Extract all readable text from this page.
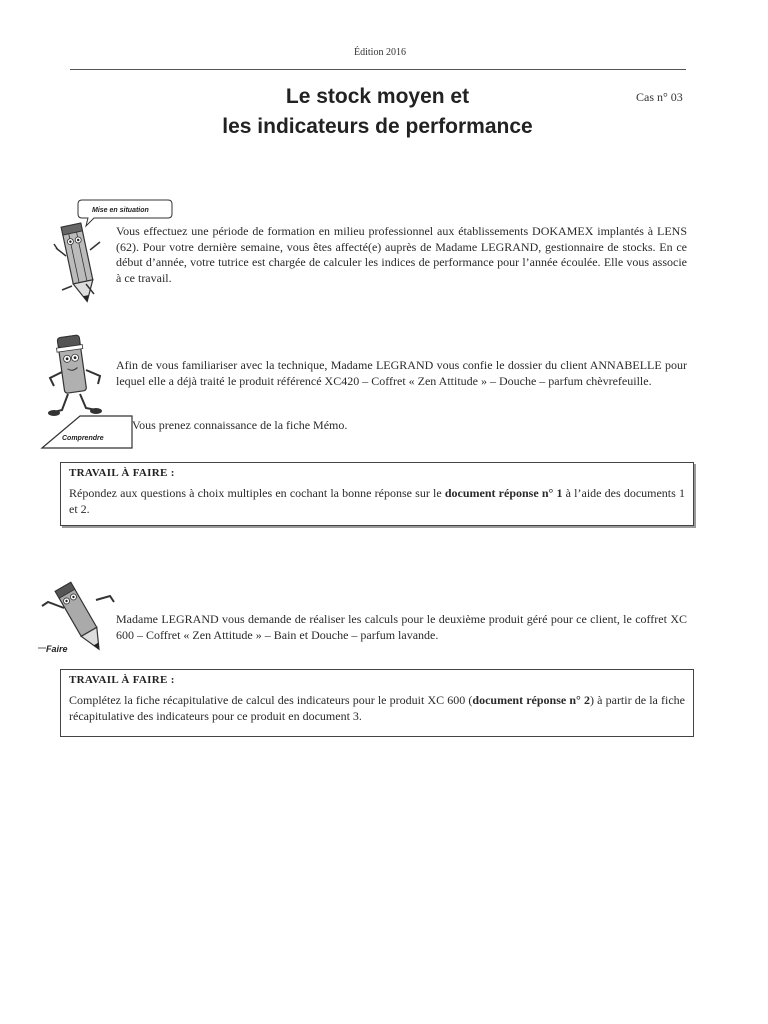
Édition 2016
Le stock moyen et
les indicateurs de performance
Cas n° 03
Mise en situation
Vous effectuez une période de formation en milieu professionnel aux établissements DOKAMEX implantés à LENS (62). Pour votre dernière semaine, vous êtes affecté(e) auprès de Madame LEGRAND, gestionnaire de stocks. En ce début d’année, votre tutrice est chargée de calculer les indices de performance pour l’année écoulée. Elle vous associe à ce travail.
Comprendre
Afin de vous familiariser avec la technique, Madame LEGRAND vous confie le dossier du client ANNABELLE pour lequel elle a déjà traité le produit référencé XC420 – Coffret « Zen Attitude » – Douche – parfum chèvrefeuille.
Vous prenez connaissance de la fiche Mémo.
TRAVAIL À FAIRE :
Répondez aux questions à choix multiples en cochant la bonne réponse sur le document réponse n° 1 à l’aide des documents 1 et 2.
Faire
Madame LEGRAND vous demande de réaliser les calculs pour le deuxième produit géré pour ce client, le coffret XC 600 – Coffret « Zen Attitude » – Bain et Douche – parfum lavande.
TRAVAIL À FAIRE :
Complétez la fiche récapitulative de calcul des indicateurs pour le produit XC 600 (document réponse n° 2) à partir de la fiche récapitulative des indicateurs pour ce produit en document 3.
